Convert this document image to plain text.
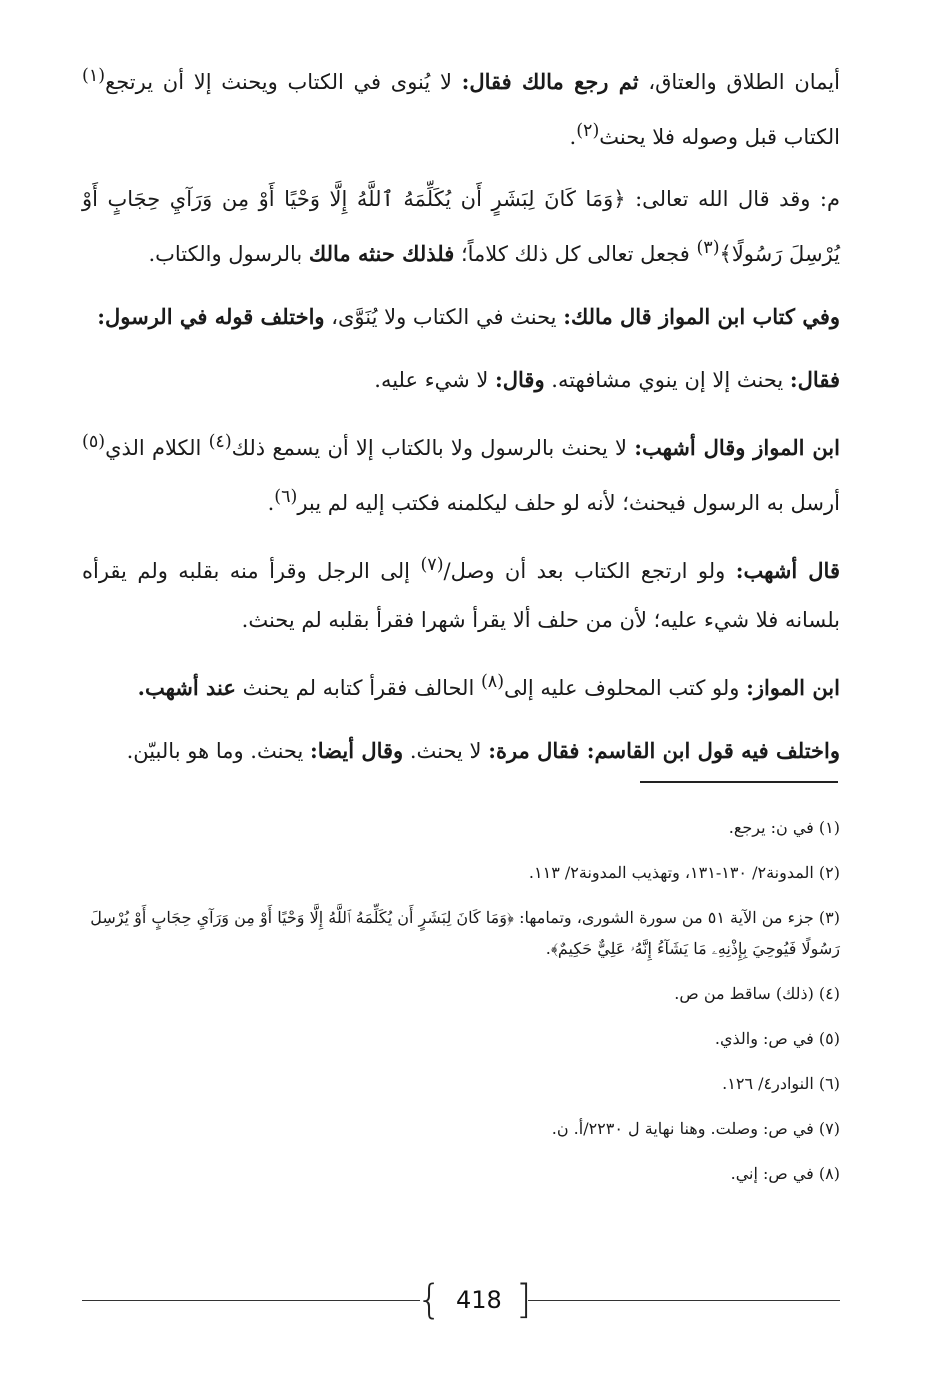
أيمان الطلاق والعتاق، ثم رجع مالك فقال: لا يُنوى في الكتاب ويحنث إلا أن يرتجع$^{(١)}$ الكتاب قبل وصوله فلا يحنث$^{(٢)}$.

م: وقد قال الله تعالى: ﴿وَمَا كَانَ لِبَشَرٍ أَن يُكَلِّمَهُ ٱللَّهُ إِلَّا وَحْيًا أَوْ مِن وَرَآيِ حِجَابٍ أَوْ يُرْسِلَ رَسُولًا﴾$^{(٣)}$ فجعل تعالى كل ذلك كلاماً؛ فلذلك حنثه مالك بالرسول والكتاب.

وفي كتاب ابن المواز قال مالك: يحنث في الكتاب ولا يُنَوَّى، واختلف قوله في الرسول:

فقال: يحنث إلا إن ينوي مشافهته. وقال: لا شيء عليه.

ابن المواز وقال أشهب: لا يحنث بالرسول ولا بالكتاب إلا أن يسمع ذلك$^{(٤)}$ الكلام الذي$^{(٥)}$ أرسل به الرسول فيحنث؛ لأنه لو حلف ليكلمنه فكتب إليه لم يبر$^{(٦)}$.

قال أشهب: ولو ارتجع الكتاب بعد أن وصل/$^{(٧)}$ إلى الرجل وقرأ منه بقلبه ولم يقرأه بلسانه فلا شيء عليه؛ لأن من حلف ألا يقرأ شهرا فقرأ بقلبه لم يحنث.

ابن المواز: ولو كتب المحلوف عليه إلى$^{(٨)}$ الحالف فقرأ كتابه لم يحنث عند أشهب.

واختلف فيه قول ابن القاسم: فقال مرة: لا يحنث. وقال أيضا: يحنث. وما هو بالبيّن.

(١) في ن: يرجع.
(٢) المدونة٢/ ١٣٠-١٣١، وتهذيب المدونة٢/ ١١٣.
(٣) جزء من الآية ٥١ من سورة الشورى، وتمامها: ﴿وَمَا كَانَ لِبَشَرٍ أَن يُكَلِّمَهُ ٱللَّهُ إِلَّا وَحْيًا أَوْ مِن وَرَآيِ حِجَابٍ أَوْ يُرْسِلَ رَسُولًا فَيُوحِيَ بِإِذْنِهِۦ مَا يَشَآءُ إِنَّهُۥ عَلِيٌّ حَكِيمٌ﴾.
(٤) (ذلك) ساقط من ص.
(٥) في ص: والذي.
(٦) النوادر٤/ ١٢٦.
(٧) في ص: وصلت. وهنا نهاية ل ٢٢٣٠/أ. ن.
(٨) في ص: إني.
{ 418 ]
